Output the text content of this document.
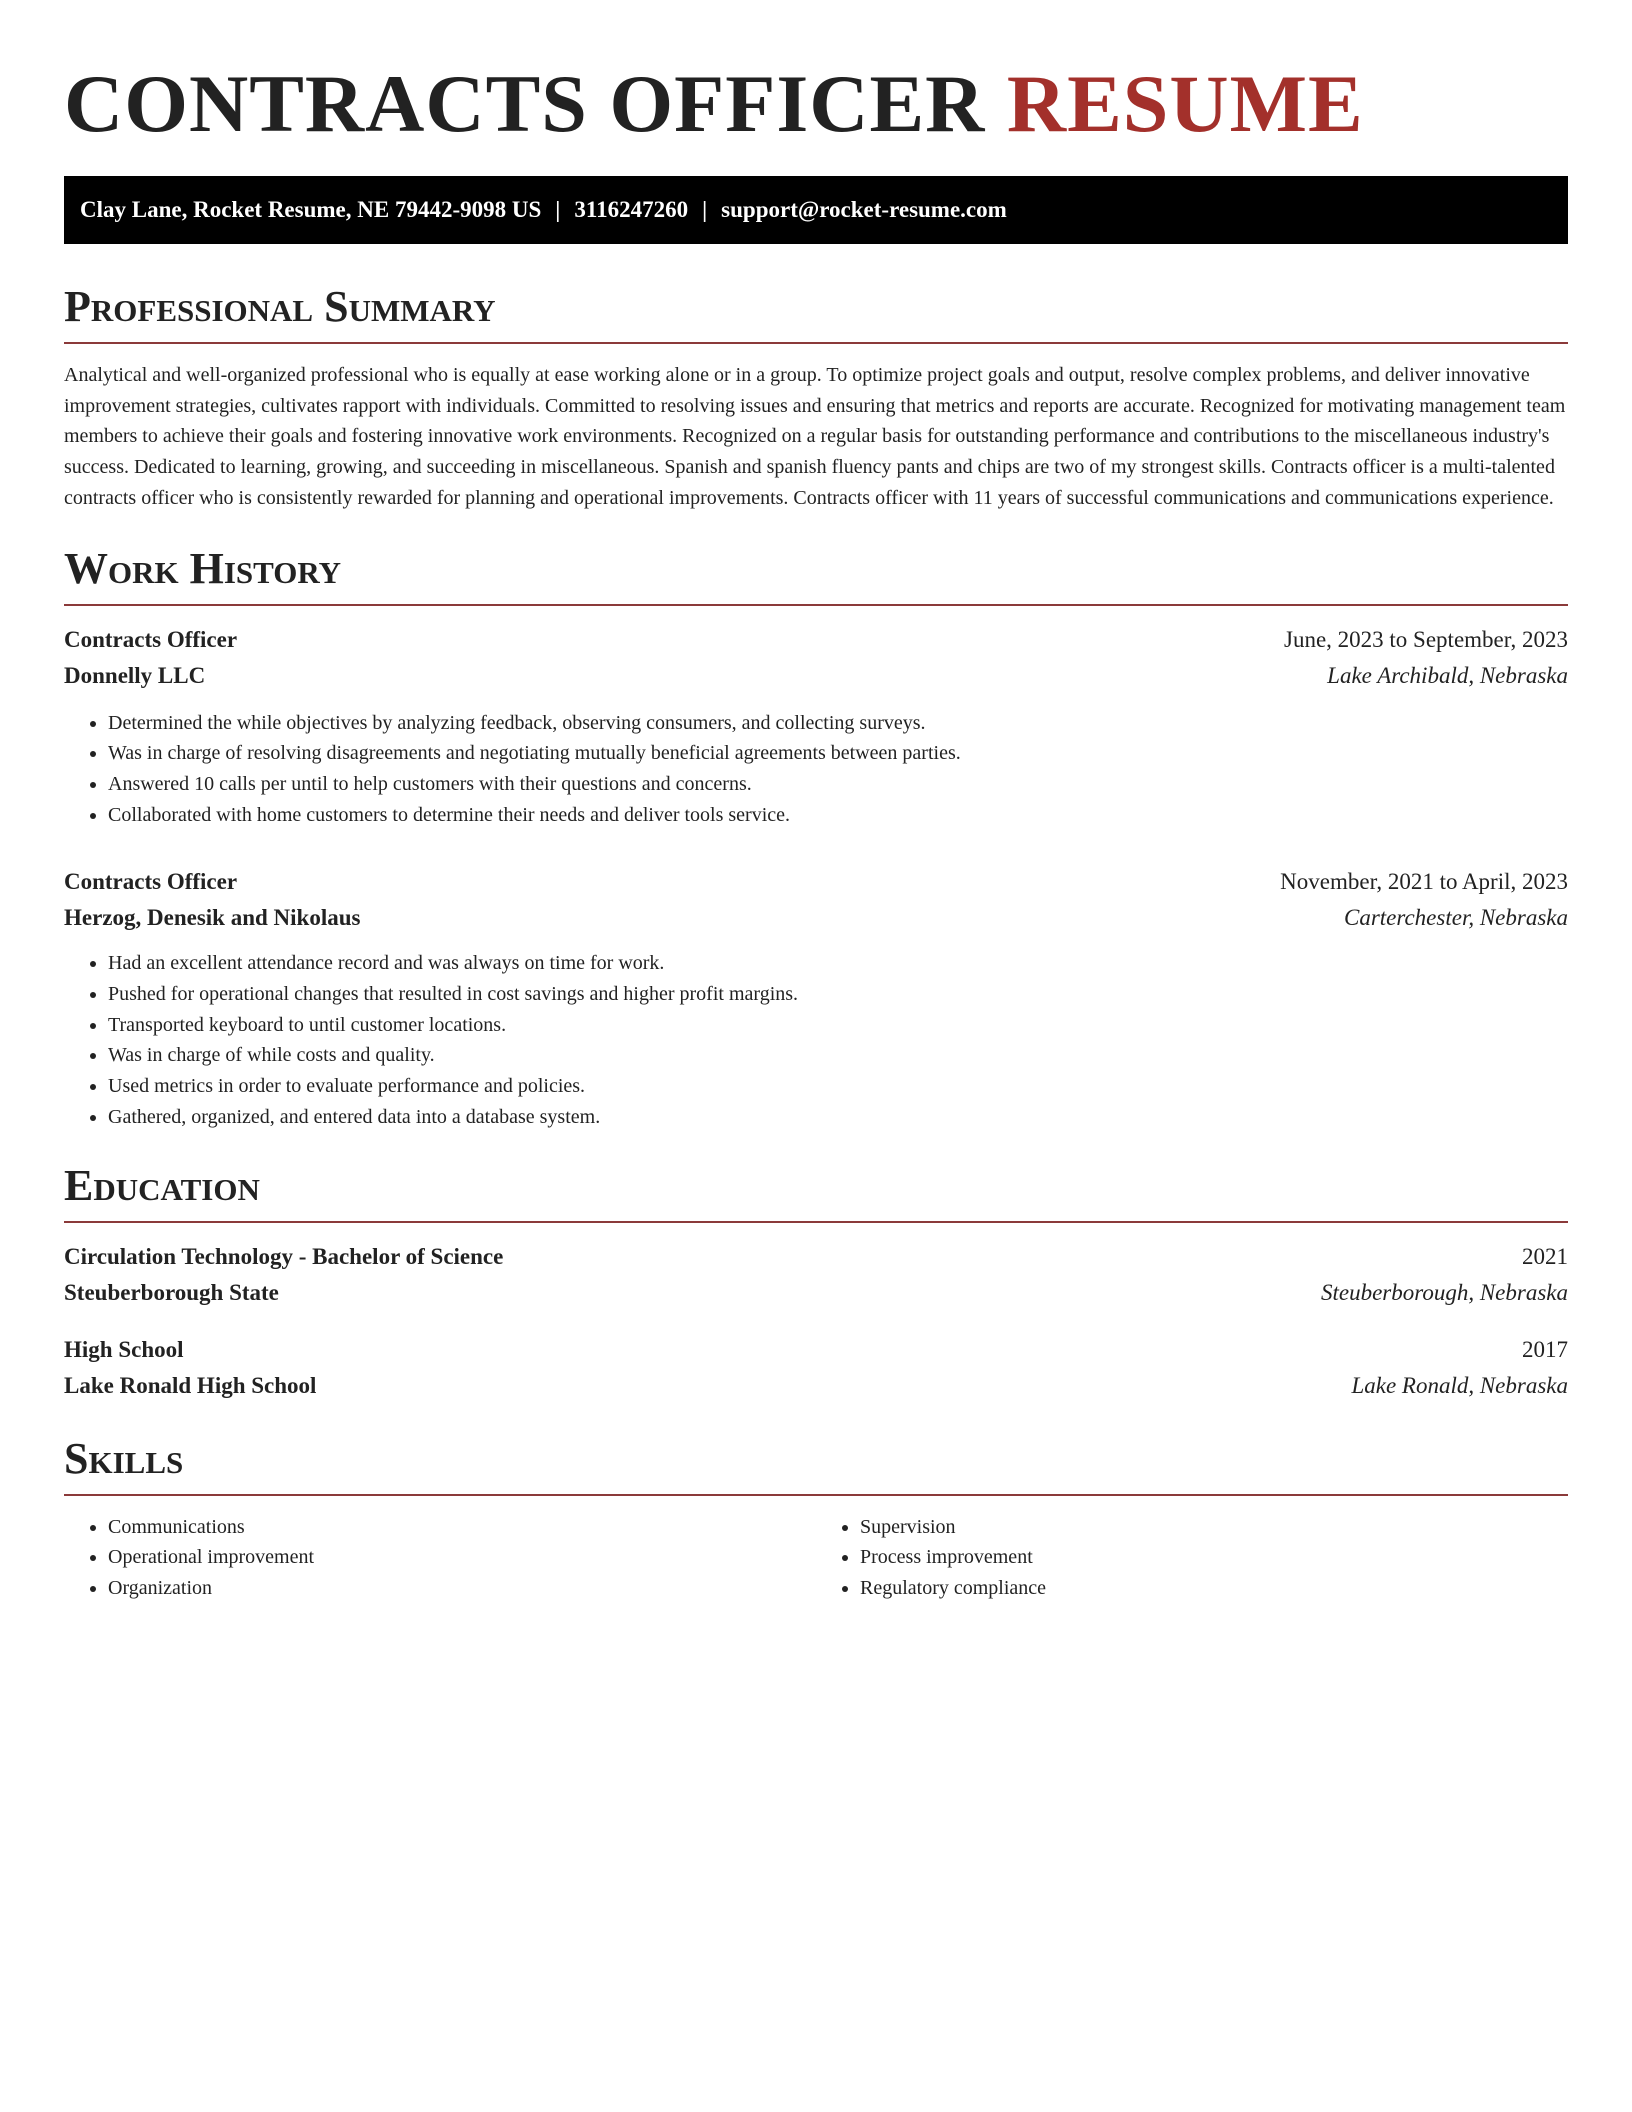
CONTRACTS OFFICER RESUME
Clay Lane, Rocket Resume, NE 79442-9098 US | 3116247260 | support@rocket-resume.com
Professional Summary

Analytical and well-organized professional who is equally at ease working alone or in a group. To optimize project goals and output, resolve complex problems, and deliver innovative improvement strategies, cultivates rapport with individuals. Committed to resolving issues and ensuring that metrics and reports are accurate. Recognized for motivating management team members to achieve their goals and fostering innovative work environments. Recognized on a regular basis for outstanding performance and contributions to the miscellaneous industry's success. Dedicated to learning, growing, and succeeding in miscellaneous. Spanish and spanish fluency pants and chips are two of my strongest skills. Contracts officer is a multi-talented contracts officer who is consistently rewarded for planning and operational improvements. Contracts officer with 11 years of successful communications and communications experience.

Work History
Contracts Officer	June, 2023 to September, 2023
Donnelly LLC	Lake Archibald, Nebraska
• Determined the while objectives by analyzing feedback, observing consumers, and collecting surveys.
• Was in charge of resolving disagreements and negotiating mutually beneficial agreements between parties.
• Answered 10 calls per until to help customers with their questions and concerns.
• Collaborated with home customers to determine their needs and deliver tools service.
Contracts Officer	November, 2021 to April, 2023
Herzog, Denesik and Nikolaus	Carterchester, Nebraska
• Had an excellent attendance record and was always on time for work.
• Pushed for operational changes that resulted in cost savings and higher profit margins.
• Transported keyboard to until customer locations.
• Was in charge of while costs and quality.
• Used metrics in order to evaluate performance and policies.
• Gathered, organized, and entered data into a database system.
Education
Circulation Technology - Bachelor of Science	2021
Steuberborough State	Steuberborough, Nebraska
High School	2017
Lake Ronald High School	Lake Ronald, Nebraska
Skills
• Communications
• Operational improvement
• Organization
• Supervision
• Process improvement
• Regulatory compliance
